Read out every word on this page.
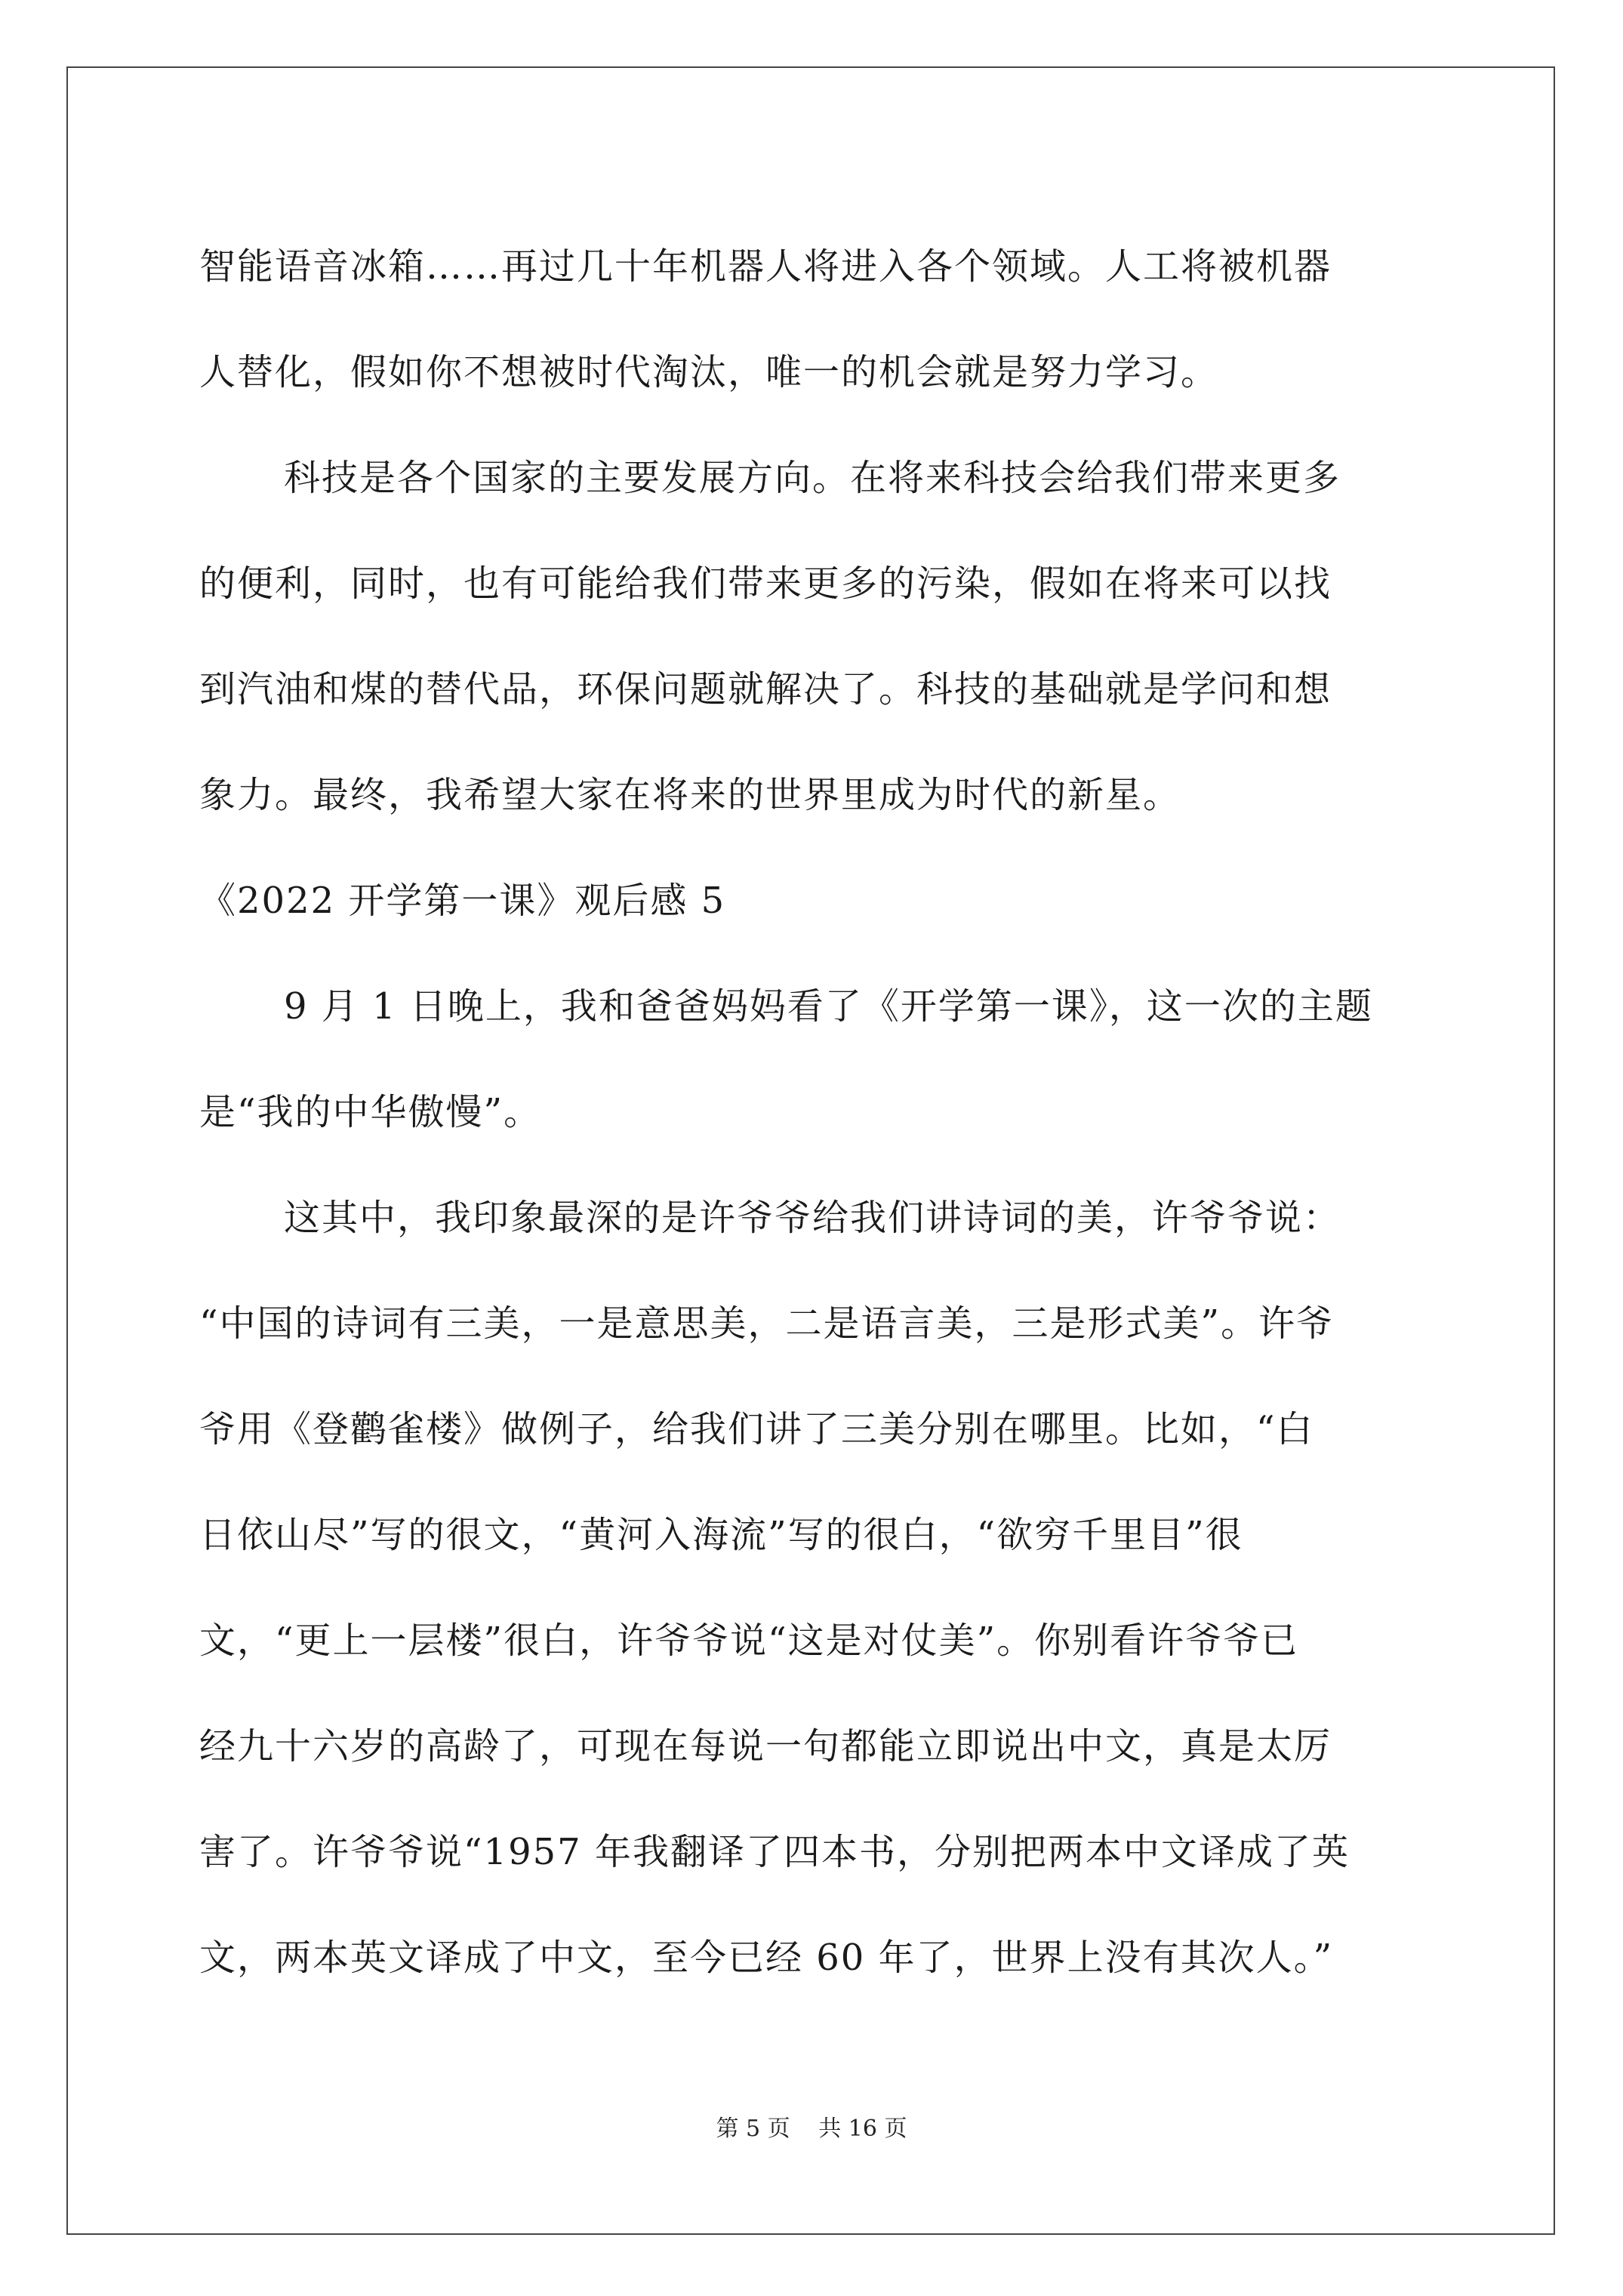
智能语音冰箱……再过几十年机器人将进入各个领域。人工将被机器
人替化，假如你不想被时代淘汰，唯一的机会就是努力学习。
科技是各个国家的主要发展方向。在将来科技会给我们带来更多
的便利，同时，也有可能给我们带来更多的污染，假如在将来可以找
到汽油和煤的替代品，环保问题就解决了。科技的基础就是学问和想
象力。最终，我希望大家在将来的世界里成为时代的新星。
《2022 开学第一课》观后感 5
9 月 1 日晚上，我和爸爸妈妈看了《开学第一课》，这一次的主题
是“我的中华傲慢”。
这其中，我印象最深的是许爷爷给我们讲诗词的美，许爷爷说：
“中国的诗词有三美，一是意思美，二是语言美，三是形式美”。许爷
爷用《登鹳雀楼》做例子，给我们讲了三美分别在哪里。比如，“白
日依山尽”写的很文，“黄河入海流”写的很白，“欲穷千里目”很
文，“更上一层楼”很白，许爷爷说“这是对仗美”。你别看许爷爷已
经九十六岁的高龄了，可现在每说一句都能立即说出中文，真是太厉
害了。许爷爷说“1957 年我翻译了四本书，分别把两本中文译成了英
文，两本英文译成了中文，至今已经 60 年了，世界上没有其次人。”
第 5 页 共 16 页
